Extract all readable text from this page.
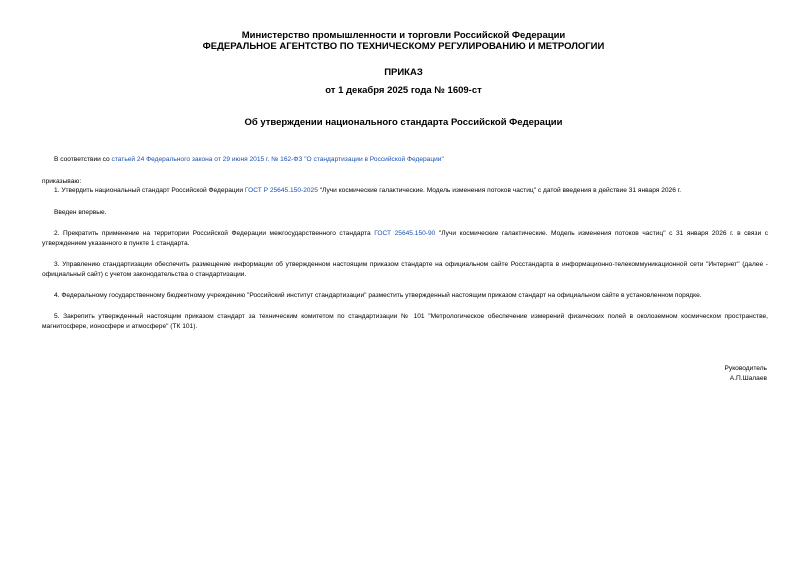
Министерство промышленности и торговли Российской Федерации
ФЕДЕРАЛЬНОЕ АГЕНТСТВО ПО ТЕХНИЧЕСКОМУ РЕГУЛИРОВАНИЮ И МЕТРОЛОГИИ
ПРИКАЗ
от 1 декабря 2025 года № 1609-ст
Об утверждении национального стандарта Российской Федерации
В соответствии со статьей 24 Федерального закона от 29 июня 2015 г. № 162-ФЗ "О стандартизации в Российской Федерации"
приказываю:
1. Утвердить национальный стандарт Российской Федерации ГОСТ Р 25645.150-2025 "Лучи космические галактические. Модель изменения потоков частиц" с датой введения в действие 31 января 2026 г.
Введен впервые.
2. Прекратить применение на территории Российской Федерации межгосударственного стандарта ГОСТ 25645.150-90 "Лучи космические галактические. Модель изменения потоков частиц" с 31 января 2026 г. в связи с утверждением указанного в пункте 1 стандарта.
3. Управлению стандартизации обеспечить размещение информации об утвержденном настоящим приказом стандарте на официальном сайте Росстандарта в информационно-телекоммуникационной сети "Интернет" (далее - официальный сайт) с учетом законодательства о стандартизации.
4. Федеральному государственному бюджетному учреждению "Российский институт стандартизации" разместить утвержденный настоящим приказом стандарт на официальном сайте в установленном порядке.
5. Закрепить утвержденный настоящим приказом стандарт за техническим комитетом по стандартизации № 101 "Метрологическое обеспечение измерений физических полей в околоземном космическом пространстве, магнитосфере, ионосфере и атмосфере" (ТК 101).
Руководитель
А.П.Шалаев
